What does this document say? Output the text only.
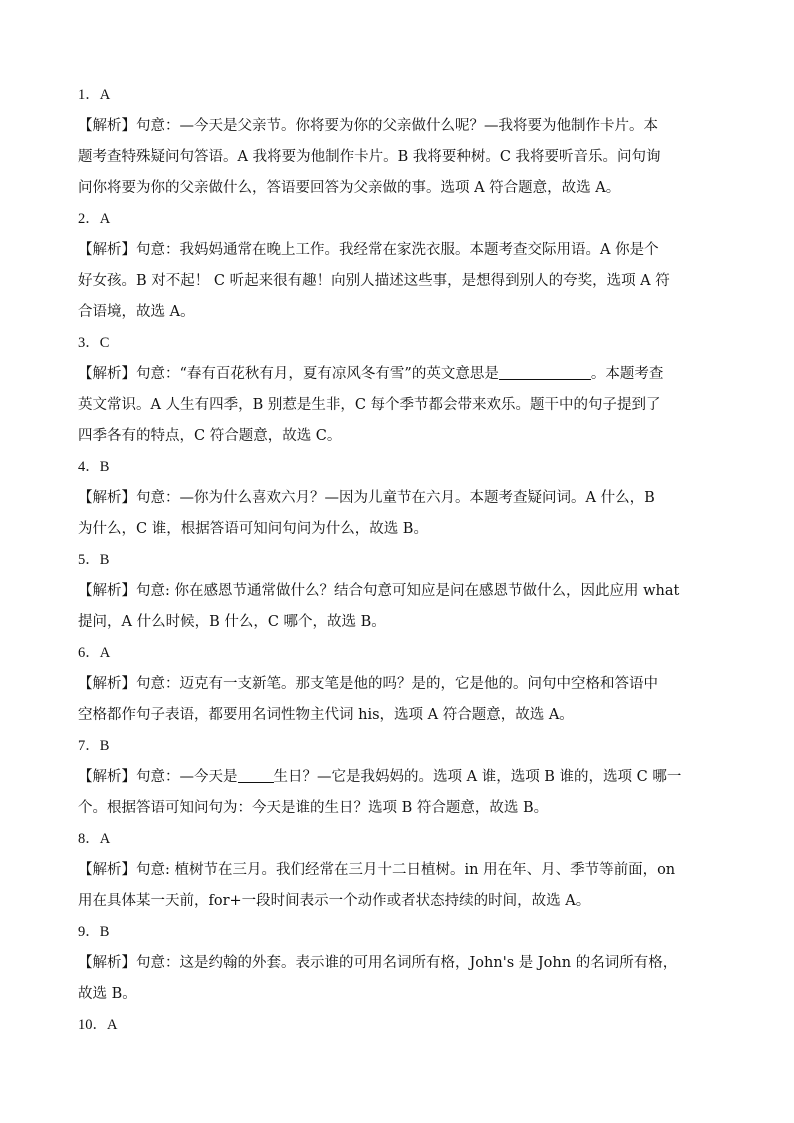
1．A
【解析】句意：—今天是父亲节。你将要为你的父亲做什么呢？—我将要为他制作卡片。本
题考查特殊疑问句答语。A 我将要为他制作卡片。B 我将要种树。C 我将要听音乐。问句询
问你将要为你的父亲做什么，答语要回答为父亲做的事。选项 A 符合题意，故选 A。
2．A
【解析】句意：我妈妈通常在晚上工作。我经常在家洗衣服。本题考查交际用语。A 你是个
好女孩。B 对不起！ C 听起来很有趣！向别人描述这些事，是想得到别人的夸奖，选项 A 符
合语境，故选 A。
3．C
【解析】句意：“春有百花秋有月，夏有凉风冬有雪”的英文意思是	。本题考查
英文常识。A 人生有四季，B 别惹是生非，C 每个季节都会带来欢乐。题干中的句子提到了
四季各有的特点，C 符合题意，故选 C。
4．B
【解析】句意：—你为什么喜欢六月？—因为儿童节在六月。本题考查疑问词。A 什么，B
为什么，C 谁，根据答语可知问句问为什么，故选 B。
5．B
【解析】句意: 你在感恩节通常做什么？结合句意可知应是问在感恩节做什么，因此应用 what
提问，A 什么时候，B 什么，C 哪个，故选 B。
6．A
【解析】句意：迈克有一支新笔。那支笔是他的吗？是的，它是他的。问句中空格和答语中
空格都作句子表语，都要用名词性物主代词 his，选项 A 符合题意，故选 A。
7．B
【解析】句意：—今天是 生日？—它是我妈妈的。选项 A 谁，选项 B 谁的，选项 C 哪一
个。根据答语可知问句为：今天是谁的生日？选项 B 符合题意，故选 B。
8．A
【解析】句意: 植树节在三月。我们经常在三月十二日植树。in 用在年、月、季节等前面，on
用在具体某一天前，for+一段时间表示一个动作或者状态持续的时间，故选 A。
9．B
【解析】句意：这是约翰的外套。表示谁的可用名词所有格，John's 是 John 的名词所有格，
故选 B。
10．A
